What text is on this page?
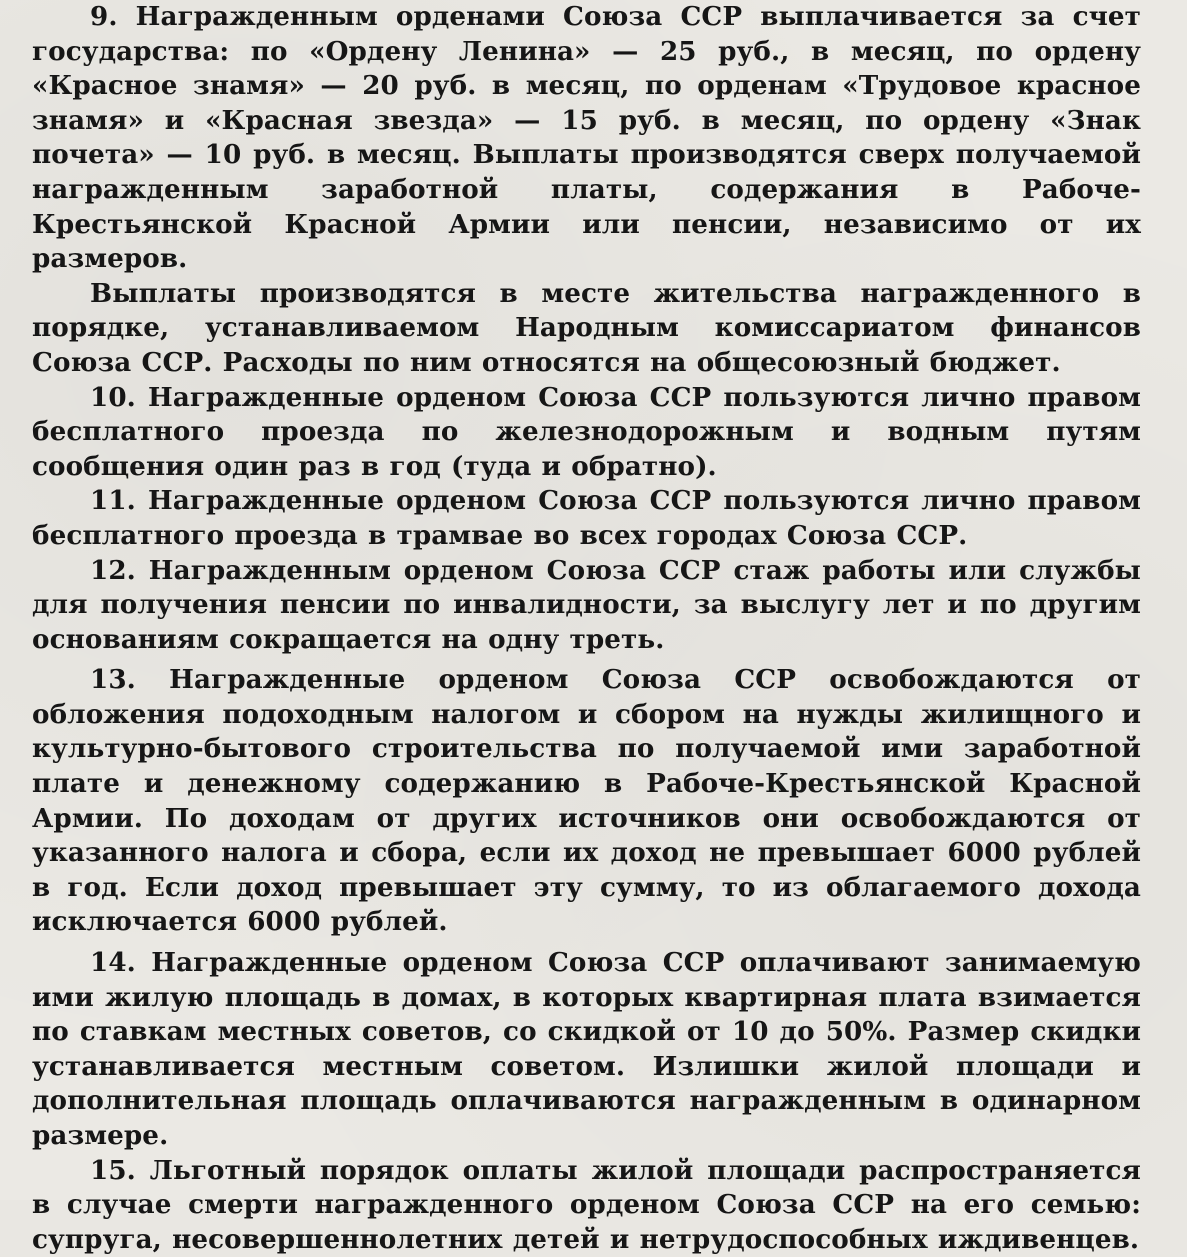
9. Награжденным орденами Союза ССР выплачивается за счет государства: по «Ордену Ленина» — 25 руб., в месяц, по ордену «Красное знамя» — 20 руб. в месяц, по орденам «Трудовое красное знамя» и «Красная звезда» — 15 руб. в месяц, по ордену «Знак почета» — 10 руб. в месяц. Выплаты производятся сверх получаемой награжденным заработной платы, содержания в Рабоче-Крестьянской Красной Армии или пенсии, независимо от их размеров.

Выплаты производятся в месте жительства награжденного в порядке, устанавливаемом Народным комиссариатом финансов Союза ССР. Расходы по ним относятся на общесоюзный бюджет.

10. Награжденные орденом Союза ССР пользуются лично правом бесплатного проезда по железнодорожным и водным путям сообщения один раз в год (туда и обратно).

11. Награжденные орденом Союза ССР пользуются лично правом бесплатного проезда в трамвае во всех городах Союза ССР.

12. Награжденным орденом Союза ССР стаж работы или службы для получения пенсии по инвалидности, за выслугу лет и по другим основаниям сокращается на одну треть.

13. Награжденные орденом Союза ССР освобождаются от обложения подоходным налогом и сбором на нужды жилищного и культурно-бытового строительства по получаемой ими заработной плате и денежному содержанию в Рабоче-Крестьянской Красной Армии. По доходам от других источников они освобождаются от указанного налога и сбора, если их доход не превышает 6000 рублей в год. Если доход превышает эту сумму, то из облагаемого дохода исключается 6000 рублей.

14. Награжденные орденом Союза ССР оплачивают занимаемую ими жилую площадь в домах, в которых квартирная плата взимается по ставкам местных советов, со скидкой от 10 до 50%. Размер скидки устанавливается местным советом. Излишки жилой площади и дополнительная площадь оплачиваются награжденным в одинарном размере.

15. Льготный порядок оплаты жилой площади распространяется в случае смерти награжденного орденом Союза ССР на его семью: супруга, несовершеннолетних детей и нетрудоспособных иждивенцев.
